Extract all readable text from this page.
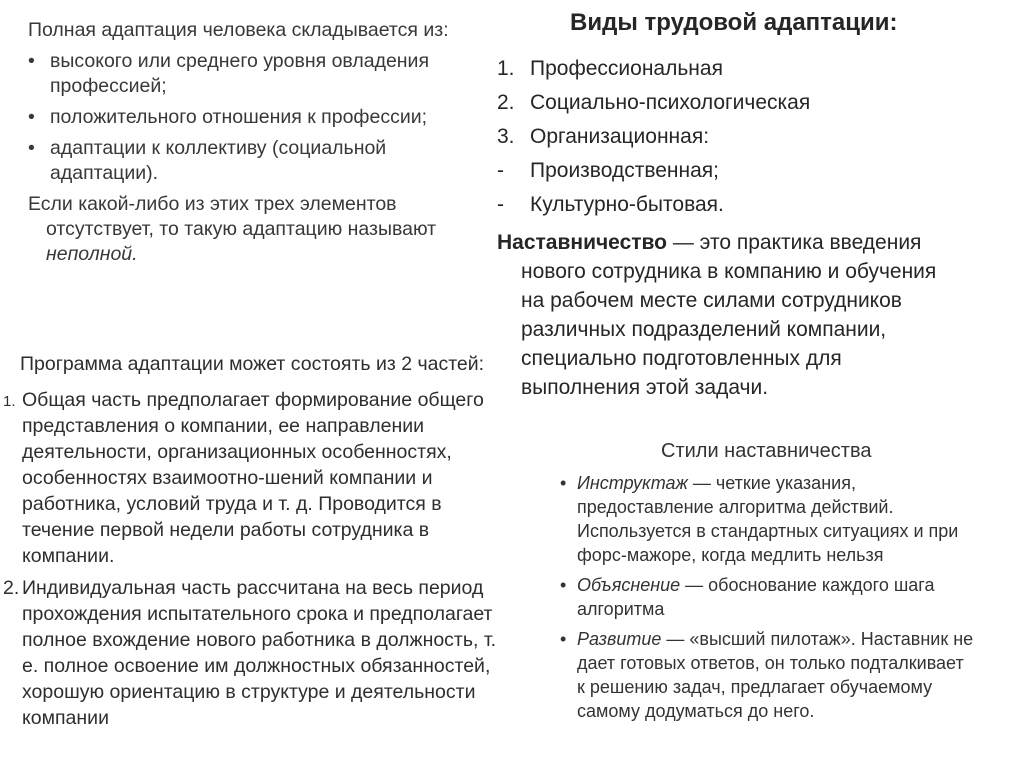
Полная адаптация человека складывается из:
• высокого или среднего уровня овладения
профессией;
• положительного отношения к профессии;
• адаптации к коллективу (социальной
адаптации).
Если какой-либо из этих трех элементов
отсутствует, то такую адаптацию называют
неполной.
Программа адаптации может состоять из 2 частей:
1. Общая часть предполагает формирование общего
представления о компании, ее направлении
деятельности, организационных особенностях,
особенностях взаимоотно-шений компании и
работника, условий труда и т. д. Проводится в
течение первой недели работы сотрудника в
компании.
2. Индивидуальная часть рассчитана на весь период
прохождения испытательного срока и предполагает
полное вхождение нового работника в должность, т.
е. полное освоение им должностных обязанностей,
хорошую ориентацию в структуре и деятельности
компании
Виды трудовой адаптации:
1. Профессиональная
2. Социально-психологическая
3. Организационная:
- Производственная;
- Культурно-бытовая.
Наставничество — это практика введения
нового сотрудника в компанию и обучения
на рабочем месте силами сотрудников
различных подразделений компании,
специально подготовленных для
выполнения этой задачи.
Стили наставничества
• Инструктаж — четкие указания,
предоставление алгоритма действий.
Используется в стандартных ситуациях и при
форс-мажоре, когда медлить нельзя
• Объяснение — обоснование каждого шага
алгоритма
• Развитие — «высший пилотаж». Наставник не
дает готовых ответов, он только подталкивает
к решению задач, предлагает обучаемому
самому додуматься до него.
